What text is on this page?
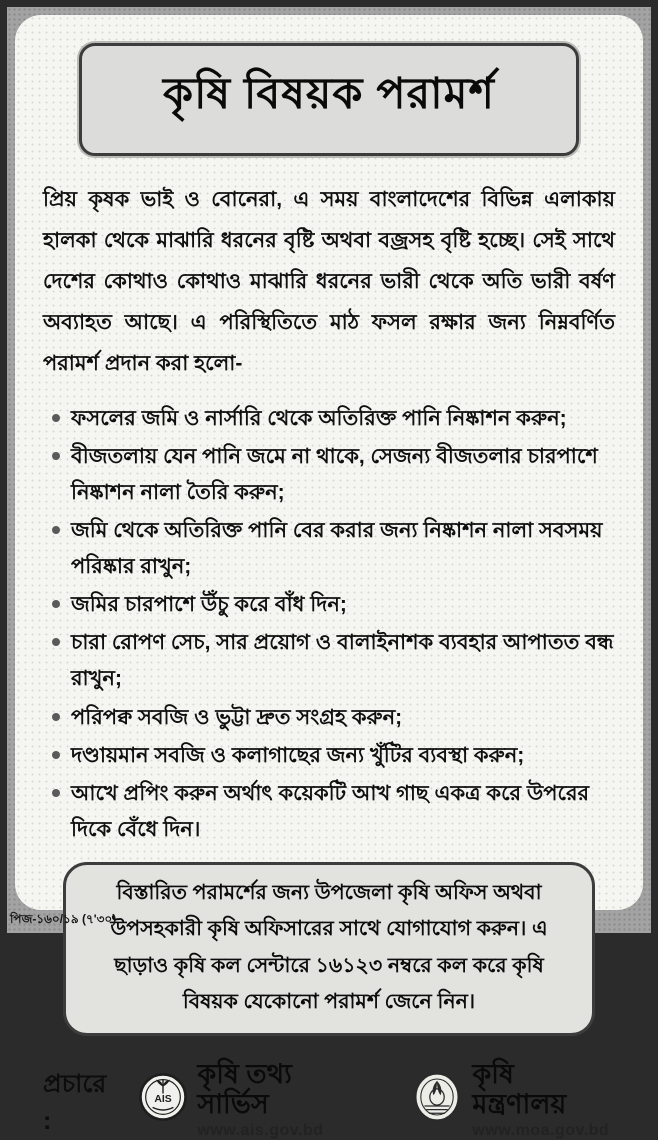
কৃষি বিষয়ক পরামর্শ

প্রিয় কৃষক ভাই ও বোনেরা, এ সময় বাংলাদেশের বিভিন্ন এলাকায় হালকা থেকে মাঝারি ধরনের বৃষ্টি অথবা বজ্রসহ বৃষ্টি হচ্ছে। সেই সাথে দেশের কোথাও কোথাও মাঝারি ধরনের ভারী থেকে অতি ভারী বর্ষণ অব্যাহত আছে। এ পরিস্থিতিতে মাঠ ফসল রক্ষার জন্য নিম্নবর্ণিত পরামর্শ প্রদান করা হলো-

ফসলের জমি ও নার্সারি থেকে অতিরিক্ত পানি নিষ্কাশন করুন;
বীজতলায় যেন পানি জমে না থাকে, সেজন্য বীজতলার চারপাশে নিষ্কাশন নালা তৈরি করুন;
জমি থেকে অতিরিক্ত পানি বের করার জন্য নিষ্কাশন নালা সবসময় পরিষ্কার রাখুন;
জমির চারপাশে উঁচু করে বাঁধ দিন;
চারা রোপণ সেচ, সার প্রয়োগ ও বালাইনাশক ব্যবহার আপাতত বন্ধ রাখুন;
পরিপক্ব সবজি ও ভুট্টা দ্রুত সংগ্রহ করুন;
দণ্ডায়মান সবজি ও কলাগাছের জন্য খুঁটির ব্যবস্থা করুন;
আখে প্রপিং করুন অর্থাৎ কয়েকটি আখ গাছ একত্র করে উপরের দিকে বেঁধে দিন।
বিস্তারিত পরামর্শের জন্য উপজেলা কৃষি অফিস অথবা উপসহকারী কৃষি অফিসারের সাথে যোগাযোগ করুন। এ ছাড়াও কৃষি কল সেন্টারে ১৬১২৩ নম্বরে কল করে কৃষি বিষয়ক যেকোনো পরামর্শ জেনে নিন।
প্রচারে :
AIS
কৃষি তথ্য সার্ভিস
www.ais.gov.bd
কৃষি মন্ত্রণালয়
www.moa.gov.bd
পিজ-১৬০/১৯ (৭'৩০)
